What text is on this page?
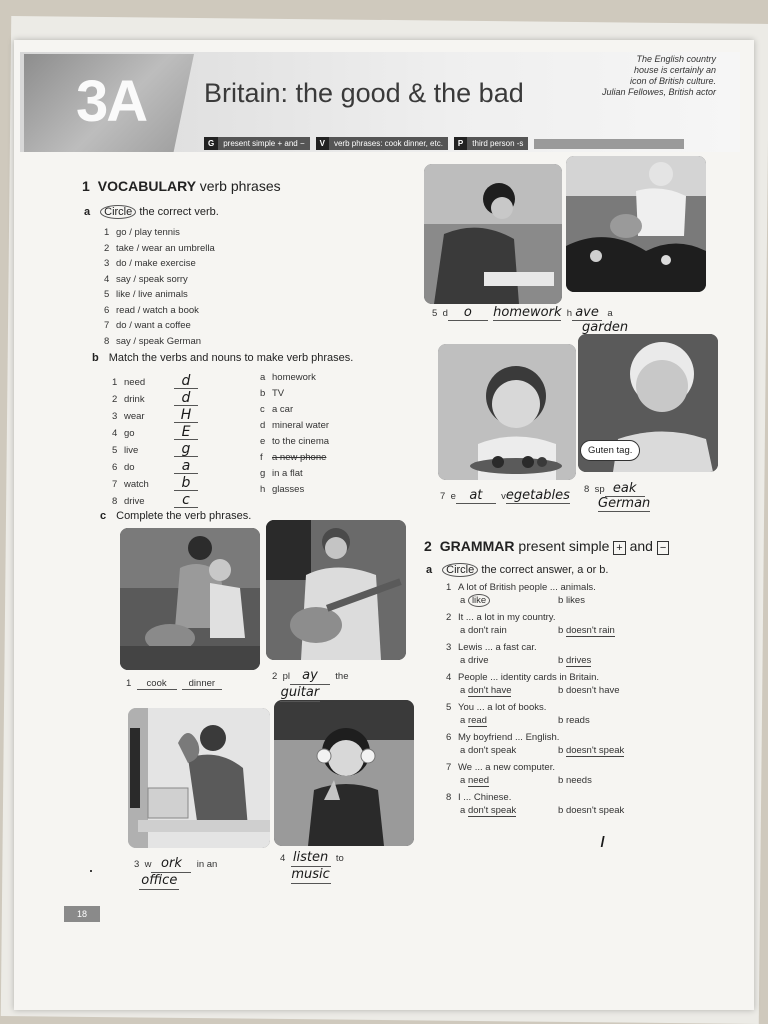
3A Britain: the good & the bad
The English country
house is certainly an
icon of British culture.
Julian Fellowes, British actor
G	present simple + and −	V	verb phrases: cook dinner, etc.	P	third person -s
1 VOCABULARY verb phrases
a Circle the correct verb.
1 go / play tennis
2 take / wear an umbrella
3 do / make exercise
4 say / speak sorry
5 like / live animals
6 read / watch a book
7 do / want a coffee
8 say / speak German
b Match the verbs and nouns to make verb phrases.
1 need	d
2 drink	d
3 wear	H
4 go	E
5 live	g
6 do	a
7 watch b
8 drive	c
a homework
b TV
c a car
d mineral water
e to the cinema
f a new phone
g in a flat
h glasses
c Complete the verb phrases.
Guten tag.
1 cook dinner
2 pl ay the
guitar
3 w ork in an
office
4 listen to
music
5 d o homework h ave a
garden
7 e at vegetables 8 sp eak
German
2 GRAMMAR present simple + and −
a Circle the correct answer, a or b.
1 A lot of British people ... animals.
a like	b likes
2 It ... a lot in my country.
a don't rain	b doesn't rain
3 Lewis ... a fast car.
a drive	b drives
4 People ... identity cards in Britain.
a don't have	b doesn't have
5 You ... a lot of books.
a read	b reads
6 My boyfriend ... English.
a don't speak	b doesn't speak
7 We ... a new computer.
a need	b needs
8 I ... Chinese.
a don't speak	b doesn't speak
ı
18
·
